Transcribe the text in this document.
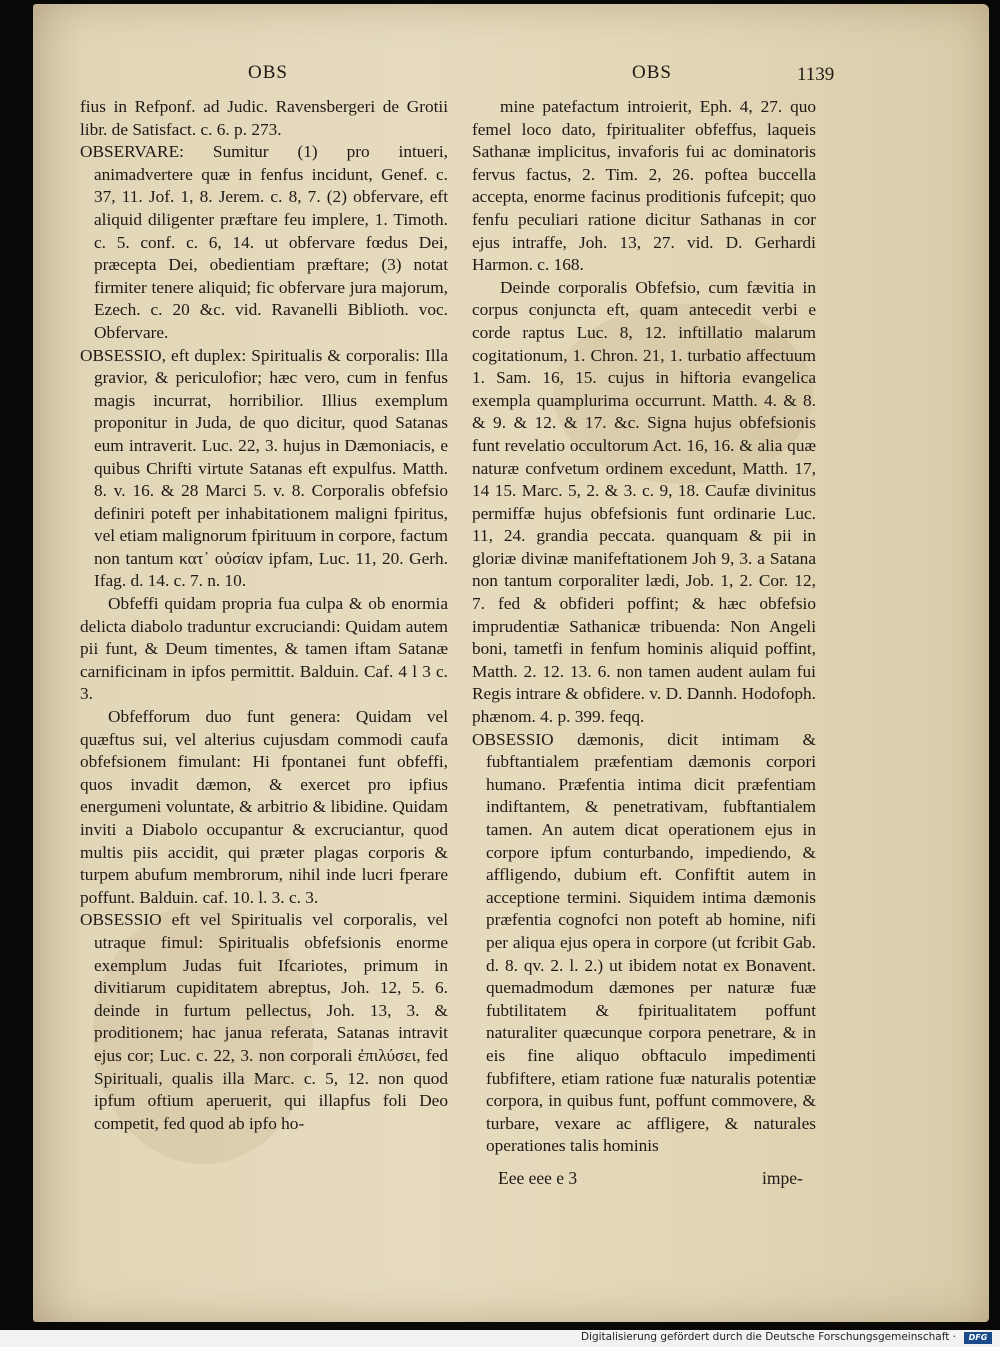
OBS	OBS	1139

fius in Refponf. ad Judic. Ravensbergeri de Grotii libr. de Satisfact. c. 6. p. 273.

OBSERVARE: Sumitur (1) pro intueri, animadvertere quæ in fenfus incidunt, Genef. c. 37, 11. Jof. 1, 8. Jerem. c. 8, 7. (2) obfervare, eft aliquid diligenter præftare feu implere, 1. Timoth. c. 5. conf. c. 6, 14. ut obfervare fœdus Dei, præcepta Dei, obedientiam præftare; (3) notat firmiter tenere aliquid; fic obfervare jura majorum, Ezech. c. 20 &c. vid. Ravanelli Biblioth. voc. Obfervare.

OBSESSIO, eft duplex: Spiritualis & corporalis: Illa gravior, & periculofior; hæc vero, cum in fenfus magis incurrat, horribilior. Illius exemplum proponitur in Juda, de quo dicitur, quod Satanas eum intraverit. Luc. 22, 3. hujus in Dæmoniacis, e quibus Chrifti virtute Satanas eft expulfus. Matth. 8. v. 16. & 28 Marci 5. v. 8. Corporalis obfefsio definiri poteft per inhabitationem maligni fpiritus, vel etiam malignorum fpirituum in corpore, factum non tantum κατ᾽ οὐσίαν ipfam, Luc. 11, 20. Gerh. Ifag. d. 14. c. 7. n. 10.

Obfeffi quidam propria fua culpa & ob enormia delicta diabolo traduntur excruciandi: Quidam autem pii funt, & Deum timentes, & tamen iftam Satanæ carnificinam in ipfos permittit. Balduin. Caf. 4 l 3 c. 3.

Obfefforum duo funt genera: Quidam vel quæftus sui, vel alterius cujusdam commodi caufa obfefsionem fimulant: Hi fpontanei funt obfeffi, quos invadit dæmon, & exercet pro ipfius energumeni voluntate, & arbitrio & libidine. Quidam inviti a Diabolo occupantur & excruciantur, quod multis piis accidit, qui præter plagas corporis & turpem abufum membrorum, nihil inde lucri fperare poffunt. Balduin. caf. 10. l. 3. c. 3.

OBSESSIO eft vel Spiritualis vel corporalis, vel utraque fimul: Spiritualis obfefsionis enorme exemplum Judas fuit Ifcariotes, primum in divitiarum cupiditatem abreptus, Joh. 12, 5. 6. deinde in furtum pellectus, Joh. 13, 3. & proditionem; hac janua referata, Satanas intravit ejus cor; Luc. c. 22, 3. non corporali ἐπιλύσει, fed Spirituali, qualis illa Marc. c. 5, 12. non quod ipfum oftium aperuerit, qui illapfus foli Deo competit, fed quod ab ipfo ho-

mine patefactum introierit, Eph. 4, 27. quo femel loco dato, fpiritualiter obfeffus, laqueis Sathanæ implicitus, invaforis fui ac dominatoris fervus factus, 2. Tim. 2, 26. poftea buccella accepta, enorme facinus proditionis fufcepit; quo fenfu peculiari ratione dicitur Sathanas in cor ejus intraffe, Joh. 13, 27. vid. D. Gerhardi Harmon. c. 168.

Deinde corporalis Obfefsio, cum fævitia in corpus conjuncta eft, quam antecedit verbi e corde raptus Luc. 8, 12. inftillatio malarum cogitationum, 1. Chron. 21, 1. turbatio affectuum 1. Sam. 16, 15. cujus in hiftoria evangelica exempla quamplurima occurrunt. Matth. 4. & 8. & 9. & 12. & 17. &c. Signa hujus obfefsionis funt revelatio occultorum Act. 16, 16. & alia quæ naturæ confvetum ordinem excedunt, Matth. 17, 14 15. Marc. 5, 2. & 3. c. 9, 18. Caufæ divinitus permiffæ hujus obfefsionis funt ordinarie Luc. 11, 24. grandia peccata. quanquam & pii in gloriæ divinæ manifeftationem Joh 9, 3. a Satana non tantum corporaliter lædi, Job. 1, 2. Cor. 12, 7. fed & obfideri poffint; & hæc obfefsio imprudentiæ Sathanicæ tribuenda: Non Angeli boni, tametfi in fenfum hominis aliquid poffint, Matth. 2. 12. 13. 6. non tamen audent aulam fui Regis intrare & obfidere. v. D. Dannh. Hodofoph. phænom. 4. p. 399. feqq.

OBSESSIO dæmonis, dicit intimam & fubftantialem præfentiam dæmonis corpori humano. Præfentia intima dicit præfentiam indiftantem, & penetrativam, fubftantialem tamen. An autem dicat operationem ejus in corpore ipfum conturbando, impediendo, & affligendo, dubium eft. Confiftit autem in acceptione termini. Siquidem intima dæmonis præfentia cognofci non poteft ab homine, nifi per aliqua ejus opera in corpore (ut fcribit Gab. d. 8. qv. 2. l. 2.) ut ibidem notat ex Bonavent. quemadmodum dæmones per naturæ fuæ fubtilitatem & fpiritualitatem poffunt naturaliter quæcunque corpora penetrare, & in eis fine aliquo obftaculo impedimenti fubfiftere, etiam ratione fuæ naturalis potentiæ corpora, in quibus funt, poffunt commovere, & turbare, vexare ac affligere, & naturales operationes talis hominis

Eee eee e 3	impe-
Digitalisierung gefördert durch die Deutsche Forschungsgemeinschaft ·	DFG
